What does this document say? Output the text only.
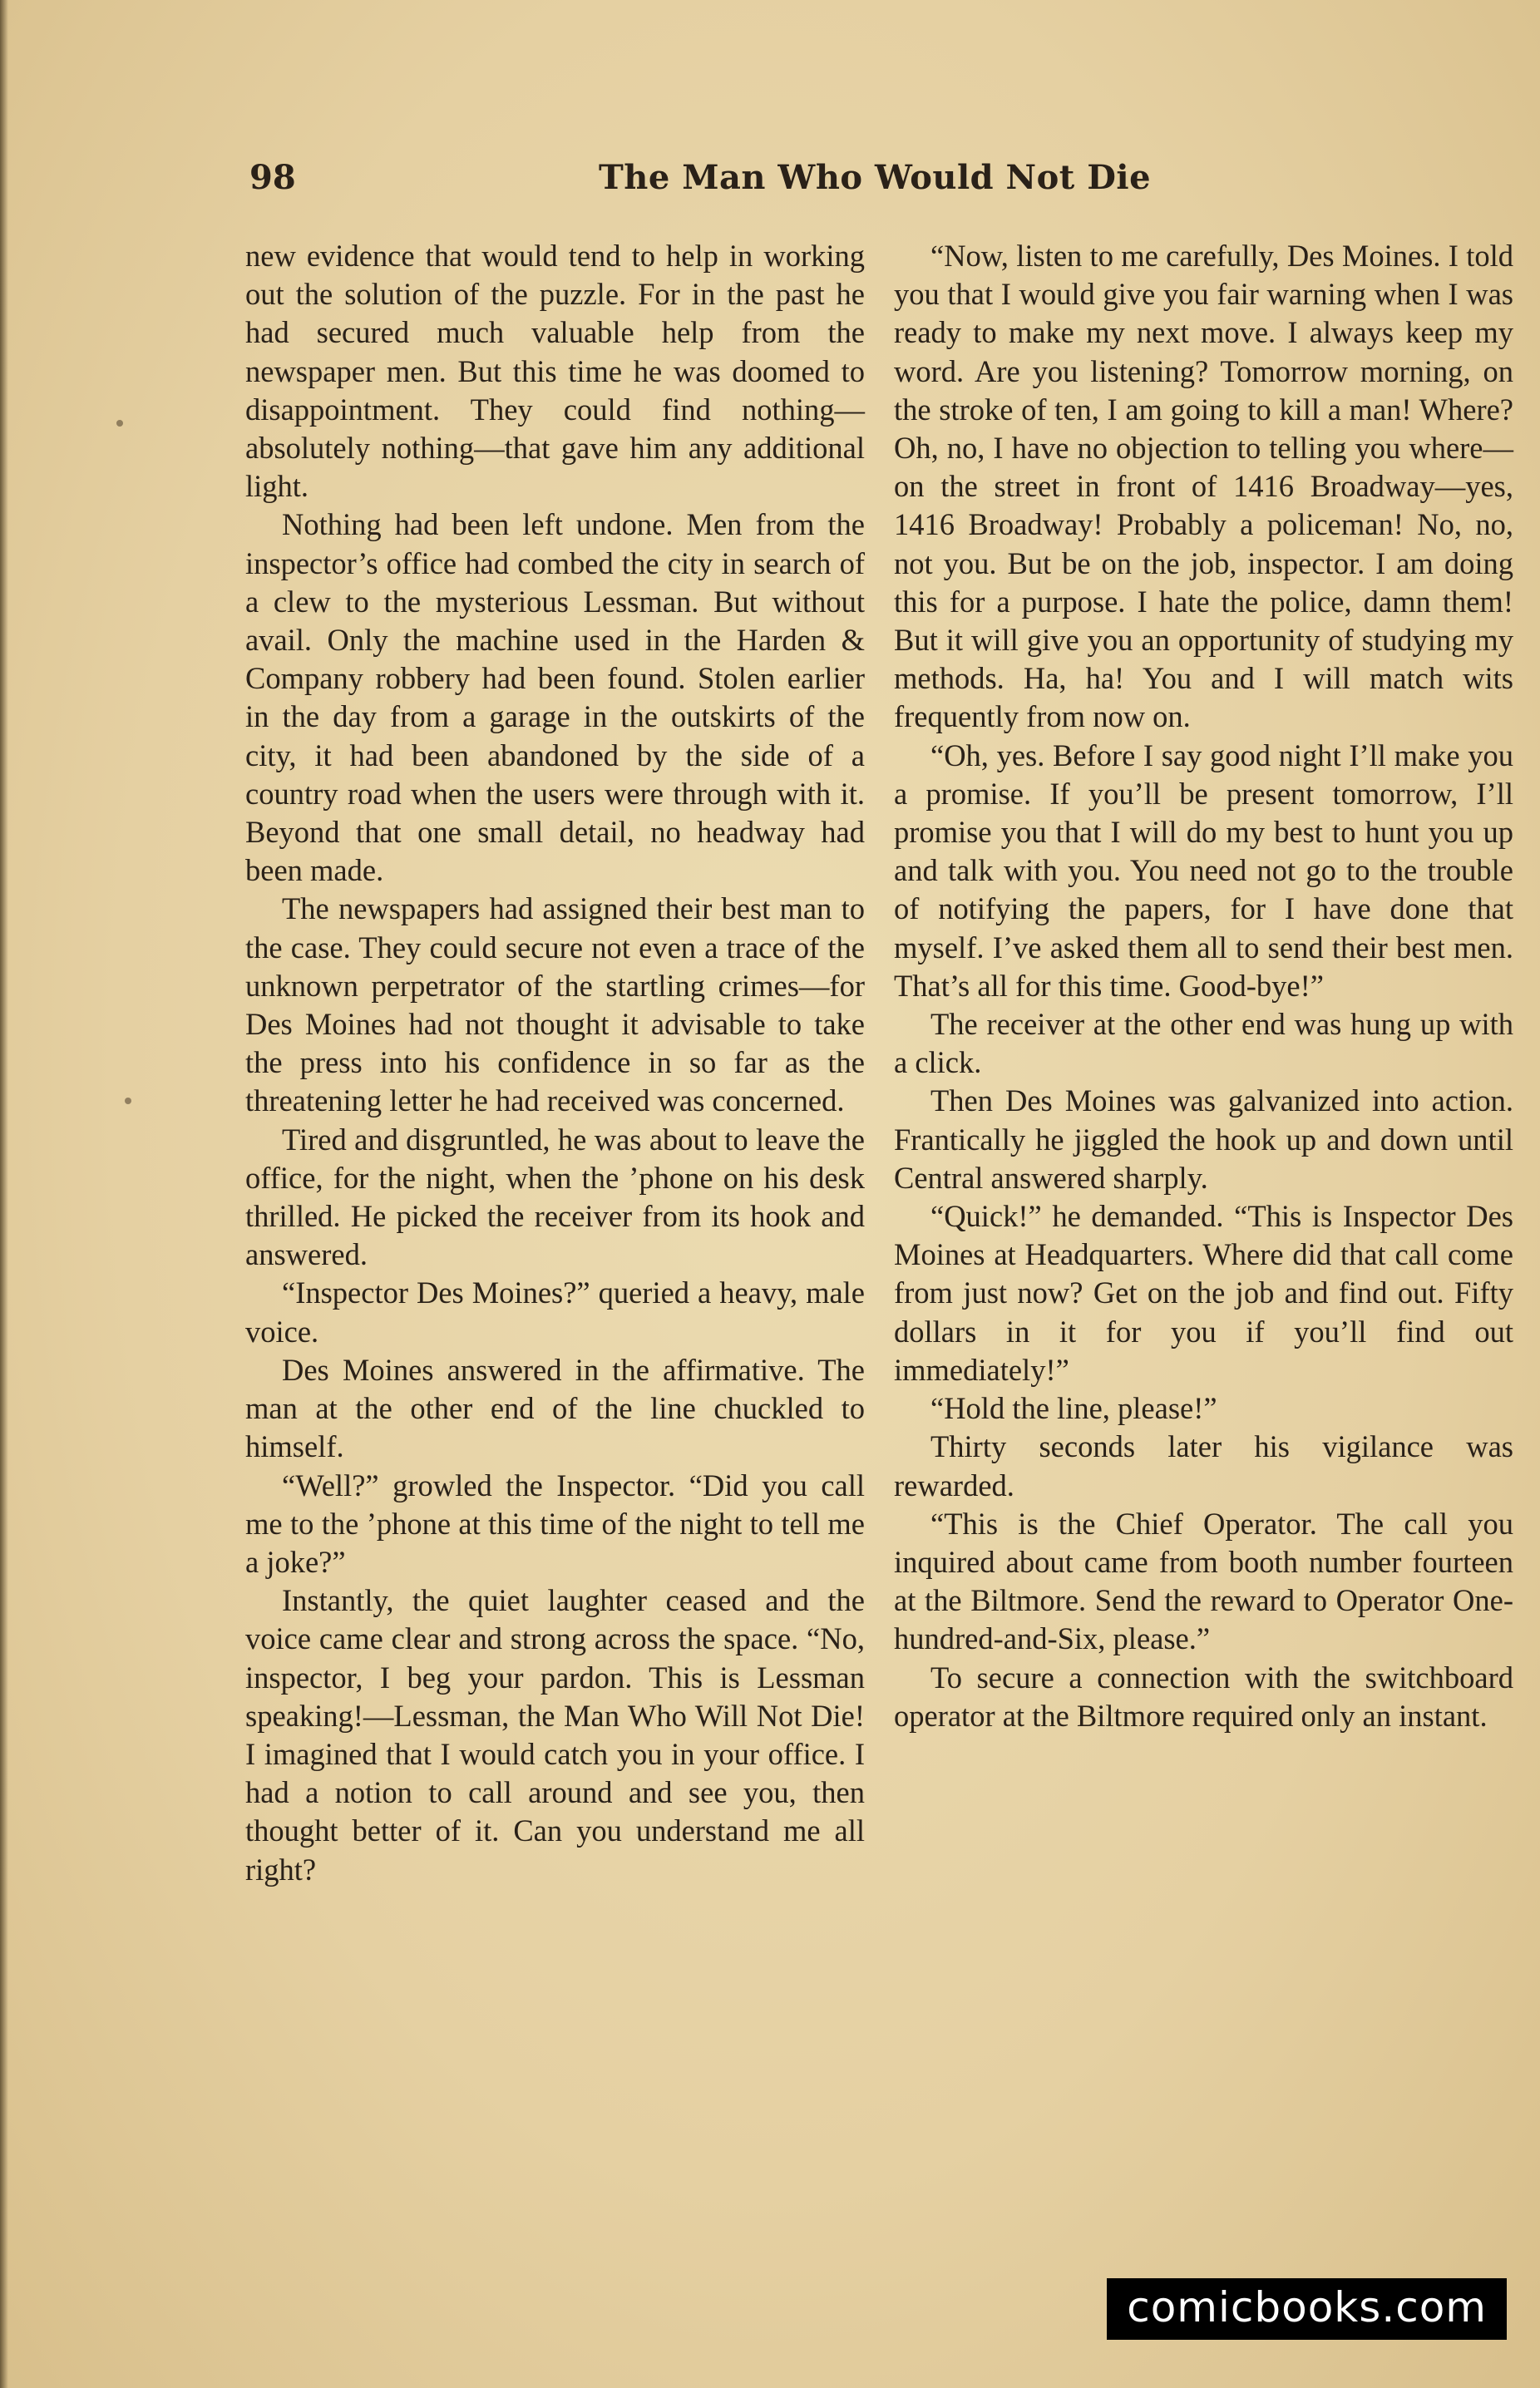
98	The Man Who Would Not Die

new evidence that would tend to help in working out the solution of the puzzle. For in the past he had secured much valuable help from the newspaper men. But this time he was doomed to disappointment. They could find nothing—absolutely nothing—that gave him any additional light.

Nothing had been left undone. Men from the inspector’s office had combed the city in search of a clew to the mysterious Lessman. But without avail. Only the machine used in the Harden & Company robbery had been found. Stolen earlier in the day from a garage in the outskirts of the city, it had been abandoned by the side of a country road when the users were through with it. Beyond that one small detail, no headway had been made.

The newspapers had assigned their best man to the case. They could secure not even a trace of the unknown perpetrator of the startling crimes—for Des Moines had not thought it advisable to take the press into his confidence in so far as the threatening letter he had received was concerned.

Tired and disgruntled, he was about to leave the office, for the night, when the ’phone on his desk thrilled. He picked the receiver from its hook and answered.

“Inspector Des Moines?” queried a heavy, male voice.

Des Moines answered in the affirmative. The man at the other end of the line chuckled to himself.

“Well?” growled the Inspector. “Did you call me to the ’phone at this time of the night to tell me a joke?”

Instantly, the quiet laughter ceased and the voice came clear and strong across the space. “No, inspector, I beg your pardon. This is Lessman speaking!—Lessman, the Man Who Will Not Die! I imagined that I would catch you in your office. I had a notion to call around and see you, then thought better of it. Can you understand me all right?

“Now, listen to me carefully, Des Moines. I told you that I would give you fair warning when I was ready to make my next move. I always keep my word. Are you listening? Tomorrow morning, on the stroke of ten, I am going to kill a man! Where? Oh, no, I have no objection to telling you where—on the street in front of 1416 Broadway—yes, 1416 Broadway! Probably a policeman! No, no, not you. But be on the job, inspector. I am doing this for a purpose. I hate the police, damn them! But it will give you an opportunity of studying my methods. Ha, ha! You and I will match wits frequently from now on.

“Oh, yes. Before I say good night I’ll make you a promise. If you’ll be present tomorrow, I’ll promise you that I will do my best to hunt you up and talk with you. You need not go to the trouble of notifying the papers, for I have done that myself. I’ve asked them all to send their best men. That’s all for this time. Good-bye!”

The receiver at the other end was hung up with a click.

Then Des Moines was galvanized into action. Frantically he jiggled the hook up and down until Central answered sharply.

“Quick!” he demanded. “This is Inspector Des Moines at Headquarters. Where did that call come from just now? Get on the job and find out. Fifty dollars in it for you if you’ll find out immediately!”

“Hold the line, please!”

Thirty seconds later his vigilance was rewarded.

“This is the Chief Operator. The call you inquired about came from booth number fourteen at the Biltmore. Send the reward to Operator One-hundred-and-Six, please.”

To secure a connection with the switchboard operator at the Biltmore required only an instant.

comicbooks.com
